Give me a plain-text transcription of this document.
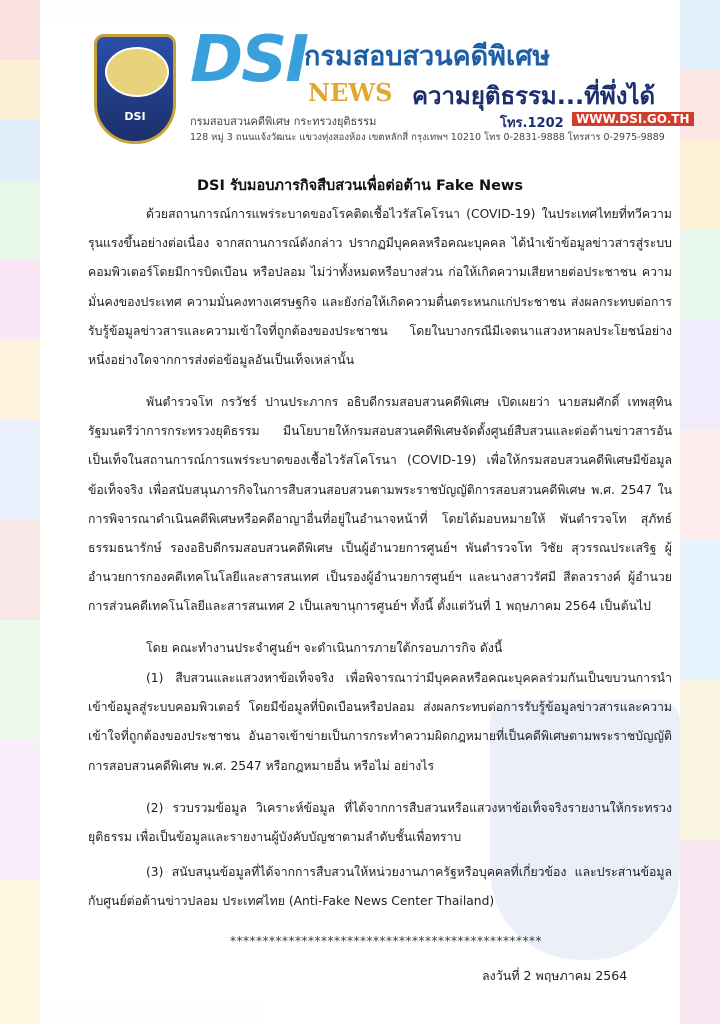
DSI
DSI NEWS
กรมสอบสวนคดีพิเศษ
ความยุติธรรม...ที่พึ่งได้
กรมสอบสวนคดีพิเศษ กระทรวงยุติธรรม	โทร.1202	WWW.DSI.GO.TH
128 หมู่ 3 ถนนแจ้งวัฒนะ แขวงทุ่งสองห้อง เขตหลักสี่ กรุงเทพฯ 10210 โทร 0-2831-9888 โทรสาร 0-2975-9889
DSI รับมอบภารกิจสืบสวนเพื่อต่อต้าน Fake News
ด้วยสถานการณ์การแพร่ระบาดของโรคติดเชื้อไวรัสโคโรนา (COVID-19) ในประเทศไทยที่ทวีความรุนแรงขึ้นอย่างต่อเนื่อง จากสถานการณ์ดังกล่าว ปรากฏมีบุคคลหรือคณะบุคคล ได้นำเข้าข้อมูลข่าวสารสู่ระบบคอมพิวเตอร์โดยมีการบิดเบือน หรือปลอม ไม่ว่าทั้งหมดหรือบางส่วน ก่อให้เกิดความเสียหายต่อประชาชน ความมั่นคงของประเทศ ความมั่นคงทางเศรษฐกิจ และยังก่อให้เกิดความตื่นตระหนกแก่ประชาชน ส่งผลกระทบต่อการรับรู้ข้อมูลข่าวสารและความเข้าใจที่ถูกต้องของประชาชน โดยในบางกรณีมีเจตนาแสวงหาผลประโยชน์อย่างหนึ่งอย่างใดจากการส่งต่อข้อมูลอันเป็นเท็จเหล่านั้น
พันตำรวจโท กรวัชร์ ปานประภากร อธิบดีกรมสอบสวนคดีพิเศษ เปิดเผยว่า นายสมศักดิ์ เทพสุทิน รัฐมนตรีว่าการกระทรวงยุติธรรม มีนโยบายให้กรมสอบสวนคดีพิเศษจัดตั้งศูนย์สืบสวนและต่อต้านข่าวสารอันเป็นเท็จในสถานการณ์การแพร่ระบาดของเชื้อไวรัสโคโรนา (COVID-19) เพื่อให้กรมสอบสวนคดีพิเศษมีข้อมูลข้อเท็จจริง เพื่อสนับสนุนภารกิจในการสืบสวนสอบสวนตามพระราชบัญญัติการสอบสวนคดีพิเศษ พ.ศ. 2547 ในการพิจารณาดำเนินคดีพิเศษหรือคดีอาญาอื่นที่อยู่ในอำนาจหน้าที่ โดยได้มอบหมายให้ พันตำรวจโท สุภัทธ์ ธรรมธนารักษ์ รองอธิบดีกรมสอบสวนคดีพิเศษ เป็นผู้อำนวยการศูนย์ฯ พันตำรวจโท วิชัย สุวรรณประเสริฐ ผู้อำนวยการกองคดีเทคโนโลยีและสารสนเทศ เป็นรองผู้อำนวยการศูนย์ฯ และนางสาวรัศมี สีตลวรางค์ ผู้อำนวยการส่วนคดีเทคโนโลยีและสารสนเทศ 2 เป็นเลขานุการศูนย์ฯ ทั้งนี้ ตั้งแต่วันที่ 1 พฤษภาคม 2564 เป็นต้นไป
โดย คณะทำงานประจำศูนย์ฯ จะดำเนินการภายใต้กรอบภารกิจ ดังนี้
(1) สืบสวนและแสวงหาข้อเท็จจริง เพื่อพิจารณาว่ามีบุคคลหรือคณะบุคคลร่วมกันเป็นขบวนการนำเข้าข้อมูลสู่ระบบคอมพิวเตอร์ โดยมีข้อมูลที่บิดเบือนหรือปลอม ส่งผลกระทบต่อการรับรู้ข้อมูลข่าวสารและความเข้าใจที่ถูกต้องของประชาชน อันอาจเข้าข่ายเป็นการกระทำความผิดกฎหมายที่เป็นคดีพิเศษตามพระราชบัญญัติการสอบสวนคดีพิเศษ พ.ศ. 2547 หรือกฎหมายอื่น หรือไม่ อย่างไร
(2) รวบรวมข้อมูล วิเคราะห์ข้อมูล ที่ได้จากการสืบสวนหรือแสวงหาข้อเท็จจริงรายงานให้กระทรวงยุติธรรม เพื่อเป็นข้อมูลและรายงานผู้บังคับบัญชาตามลำดับชั้นเพื่อทราบ
(3) สนับสนุนข้อมูลที่ได้จากการสืบสวนให้หน่วยงานภาครัฐหรือบุคคลที่เกี่ยวข้อง และประสานข้อมูลกับศูนย์ต่อต้านข่าวปลอม ประเทศไทย (Anti-Fake News Center Thailand)
************************************************
ลงวันที่ 2 พฤษภาคม 2564
